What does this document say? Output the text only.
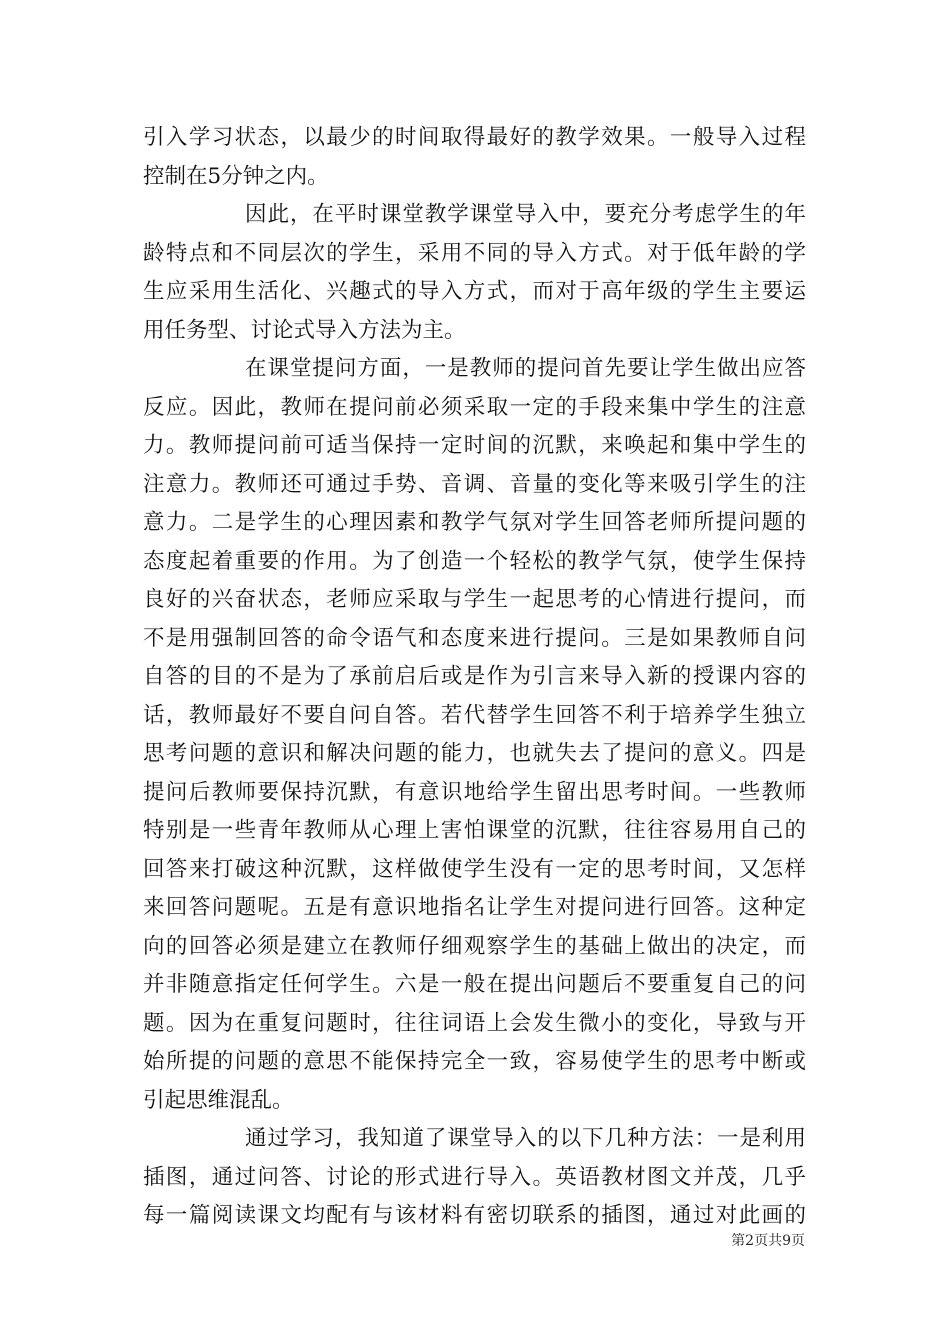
引入学习状态，以最少的时间取得最好的教学效果。一般导入过程
控制在5分钟之内。
因此，在平时课堂教学课堂导入中，要充分考虑学生的年
龄特点和不同层次的学生，采用不同的导入方式。对于低年龄的学
生应采用生活化、兴趣式的导入方式，而对于高年级的学生主要运
用任务型、讨论式导入方法为主。
在课堂提问方面，一是教师的提问首先要让学生做出应答
反应。因此，教师在提问前必须采取一定的手段来集中学生的注意
力。教师提问前可适当保持一定时间的沉默，来唤起和集中学生的
注意力。教师还可通过手势、音调、音量的变化等来吸引学生的注
意力。二是学生的心理因素和教学气氛对学生回答老师所提问题的
态度起着重要的作用。为了创造一个轻松的教学气氛，使学生保持
良好的兴奋状态，老师应采取与学生一起思考的心情进行提问，而
不是用强制回答的命令语气和态度来进行提问。三是如果教师自问
自答的目的不是为了承前启后或是作为引言来导入新的授课内容的
话，教师最好不要自问自答。若代替学生回答不利于培养学生独立
思考问题的意识和解决问题的能力，也就失去了提问的意义。四是
提问后教师要保持沉默，有意识地给学生留出思考时间。一些教师
特别是一些青年教师从心理上害怕课堂的沉默，往往容易用自己的
回答来打破这种沉默，这样做使学生没有一定的思考时间，又怎样
来回答问题呢。五是有意识地指名让学生对提问进行回答。这种定
向的回答必须是建立在教师仔细观察学生的基础上做出的决定，而
并非随意指定任何学生。六是一般在提出问题后不要重复自己的问
题。因为在重复问题时，往往词语上会发生微小的变化，导致与开
始所提的问题的意思不能保持完全一致，容易使学生的思考中断或
引起思维混乱。
通过学习，我知道了课堂导入的以下几种方法：一是利用
插图，通过问答、讨论的形式进行导入。英语教材图文并茂，几乎
每一篇阅读课文均配有与该材料有密切联系的插图，通过对此画的
第2页共9页
